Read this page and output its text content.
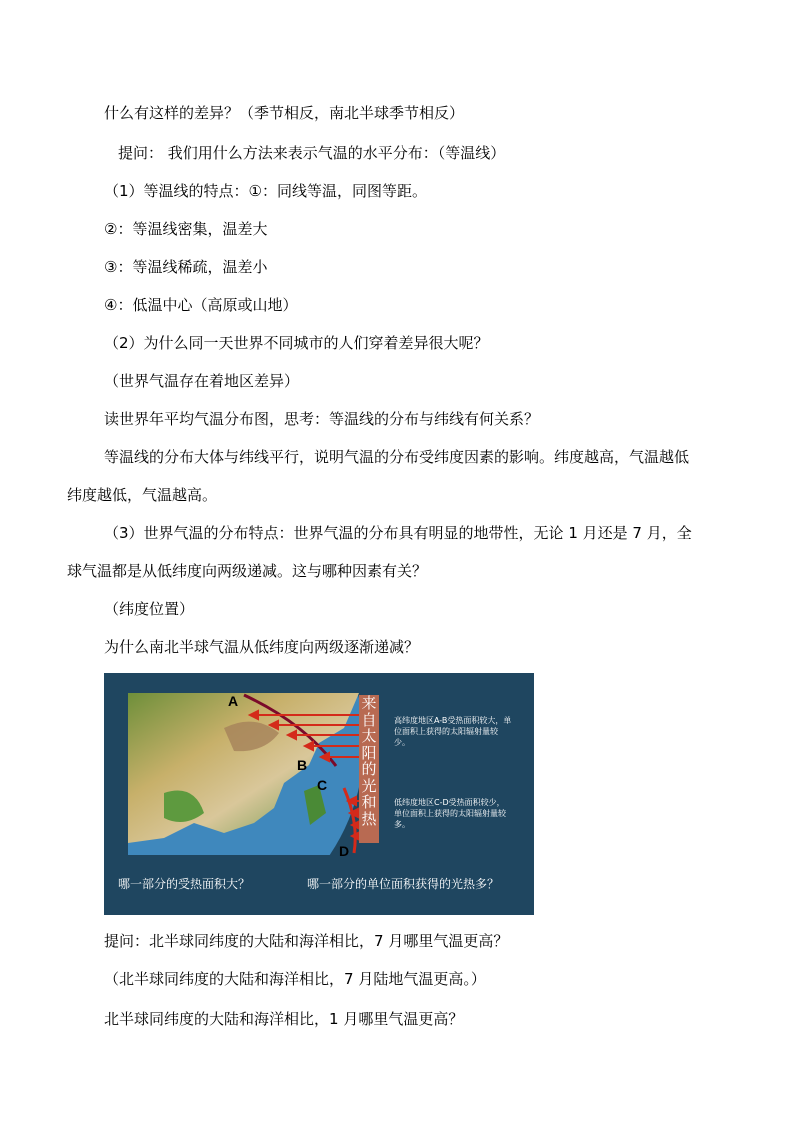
什么有这样的差异？（季节相反，南北半球季节相反）
提问： 我们用什么方法来表示气温的水平分布：（等温线）
（1）等温线的特点：①：同线等温，同图等距。
②：等温线密集，温差大
③：等温线稀疏，温差小
④：低温中心（高原或山地）
（2）为什么同一天世界不同城市的人们穿着差异很大呢？
（世界气温存在着地区差异）
读世界年平均气温分布图，思考：等温线的分布与纬线有何关系？
等温线的分布大体与纬线平行，说明气温的分布受纬度因素的影响。纬度越高，气温越低
纬度越低，气温越高。
（3）世界气温的分布特点：世界气温的分布具有明显的地带性，无论 1 月还是 7 月，全
球气温都是从低纬度向两级递减。这与哪种因素有关？
（纬度位置）
为什么南北半球气温从低纬度向两级逐渐递减？
A
B
C
D
来
自
太
阳
的
光
和
热
高纬度地区A-B受热面积较大，单位面积上获得的太阳辐射量较少。
低纬度地区C-D受热面积较少，单位面积上获得的太阳辐射量较多。
哪一部分的受热面积大？	哪一部分的单位面积获得的光热多？
提问：北半球同纬度的大陆和海洋相比，7 月哪里气温更高？
（北半球同纬度的大陆和海洋相比，7 月陆地气温更高。）
北半球同纬度的大陆和海洋相比，1 月哪里气温更高？
